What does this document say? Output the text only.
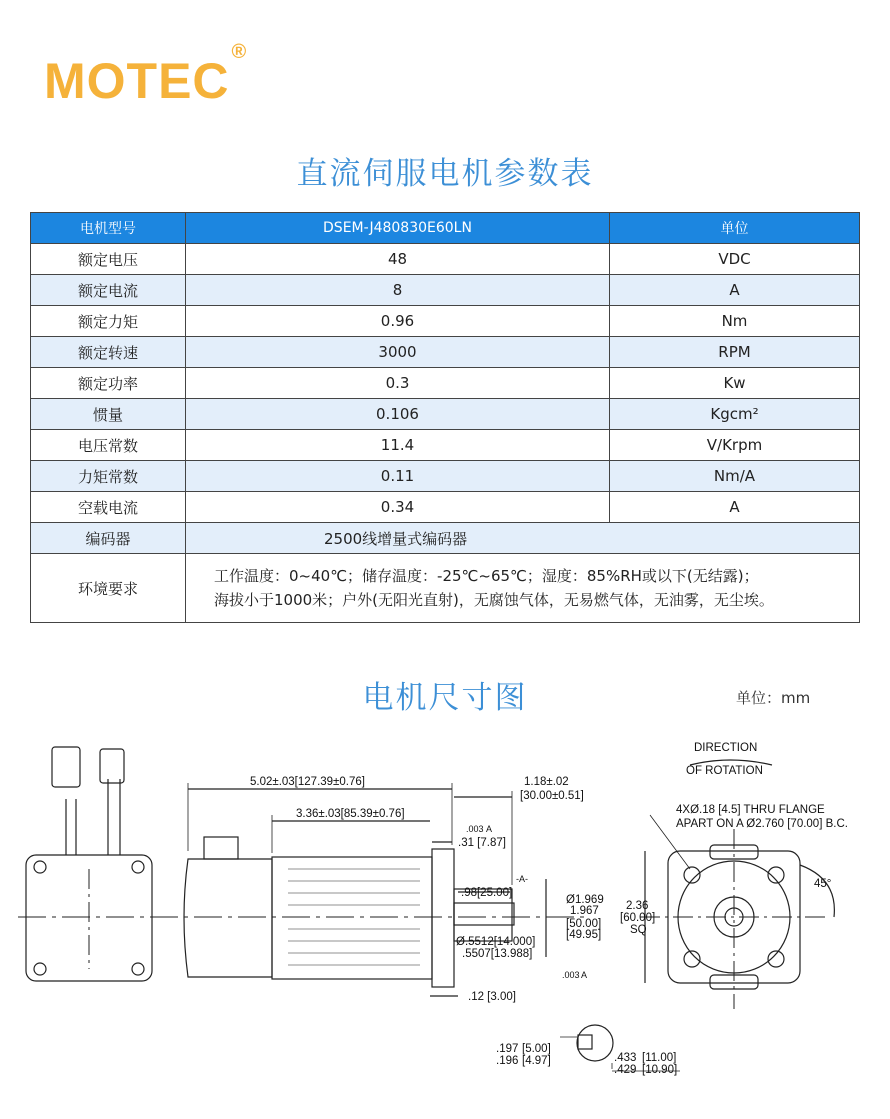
MOTEC®
直流伺服电机参数表
电机型号	DSEM-J480830E60LN	单位
额定电压	48	VDC
额定电流	8	A
额定力矩	0.96	Nm
额定转速	3000	RPM
额定功率	0.3	Kw
惯量	0.106	Kgcm²
电压常数	11.4	V/Krpm
力矩常数	0.11	Nm/A
空载电流	0.34	A
编码器	2500线增量式编码器	
环境要求	工作温度：0~40℃；储存温度：-25℃~65℃；湿度：85%RH或以下(无结露)；
海拔小于1000米；户外(无阳光直射)，无腐蚀气体，无易燃气体，无油雾，无尘埃。	
电机尺寸图	单位：mm
5.02±.03[127.39±0.76]
3.36±.03[85.39±0.76]
1.18±.02
[30.00±0.51]
.003 A
.31 [7.87]
-A-
.98[25.00]
Ø1.969
1.967
[50.00]
[49.95]
Ø.5512[14.000]
.5507[13.988]
.003 A
.12 [3.00]
.197
.196
[5.00]
[4.97]	.433
.429
[11.00]
[10.90]
DIRECTION
OF ROTATION
4XØ.18 [4.5] THRU FLANGE
APART ON A Ø2.760 [70.00] B.C.
2.36
[60.00]
SQ
45°
